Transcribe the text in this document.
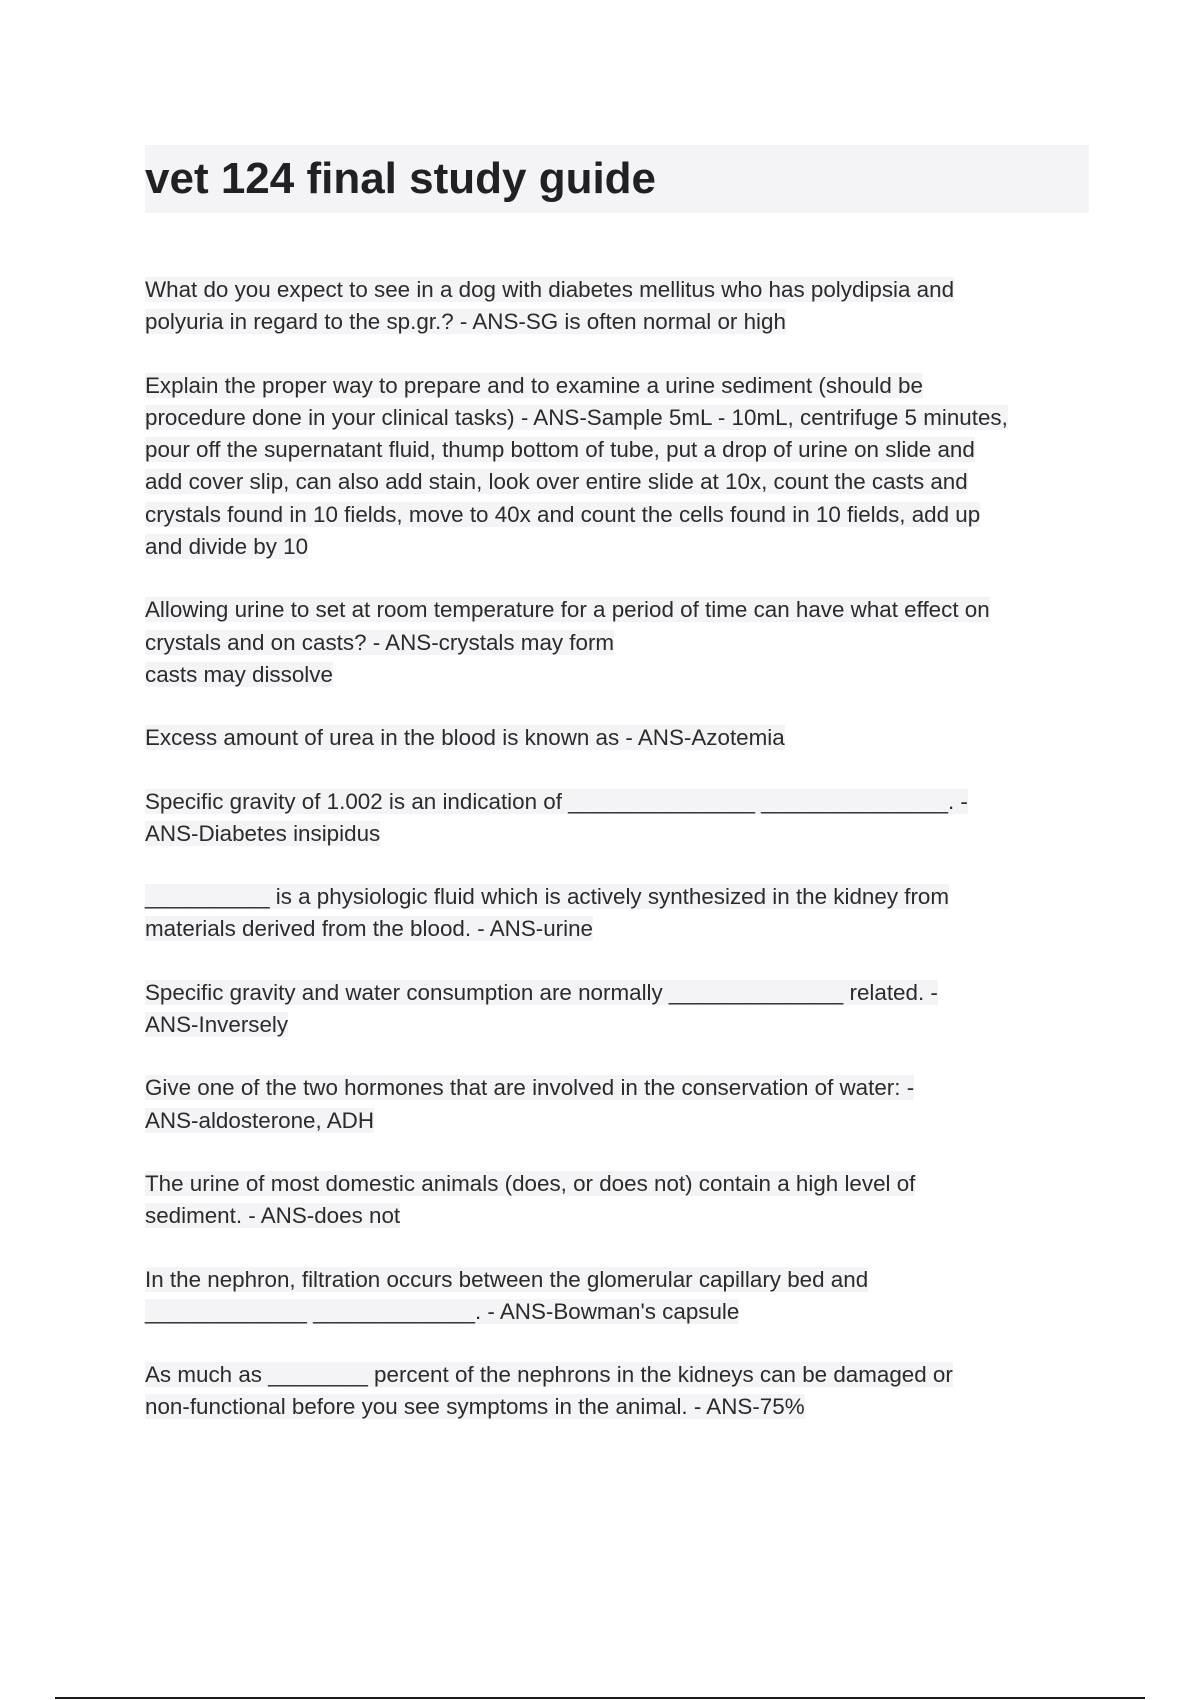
vet 124 final study guide
What do you expect to see in a dog with diabetes mellitus who has polydipsia and
polyuria in regard to the sp.gr.? - ANS-SG is often normal or high
Explain the proper way to prepare and to examine a urine sediment (should be
procedure done in your clinical tasks) - ANS-Sample 5mL - 10mL, centrifuge 5 minutes,
pour off the supernatant fluid, thump bottom of tube, put a drop of urine on slide and
add cover slip, can also add stain, look over entire slide at 10x, count the casts and
crystals found in 10 fields, move to 40x and count the cells found in 10 fields, add up
and divide by 10
Allowing urine to set at room temperature for a period of time can have what effect on
crystals and on casts? - ANS-crystals may form
casts may dissolve
Excess amount of urea in the blood is known as - ANS-Azotemia
Specific gravity of 1.002 is an indication of _______________ _______________. -
ANS-Diabetes insipidus
__________ is a physiologic fluid which is actively synthesized in the kidney from
materials derived from the blood. - ANS-urine
Specific gravity and water consumption are normally ______________ related. -
ANS-Inversely
Give one of the two hormones that are involved in the conservation of water: -
ANS-aldosterone, ADH
The urine of most domestic animals (does, or does not) contain a high level of
sediment. - ANS-does not
In the nephron, filtration occurs between the glomerular capillary bed and
_____________ _____________. - ANS-Bowman's capsule
As much as ________ percent of the nephrons in the kidneys can be damaged or
non-functional before you see symptoms in the animal. - ANS-75%
